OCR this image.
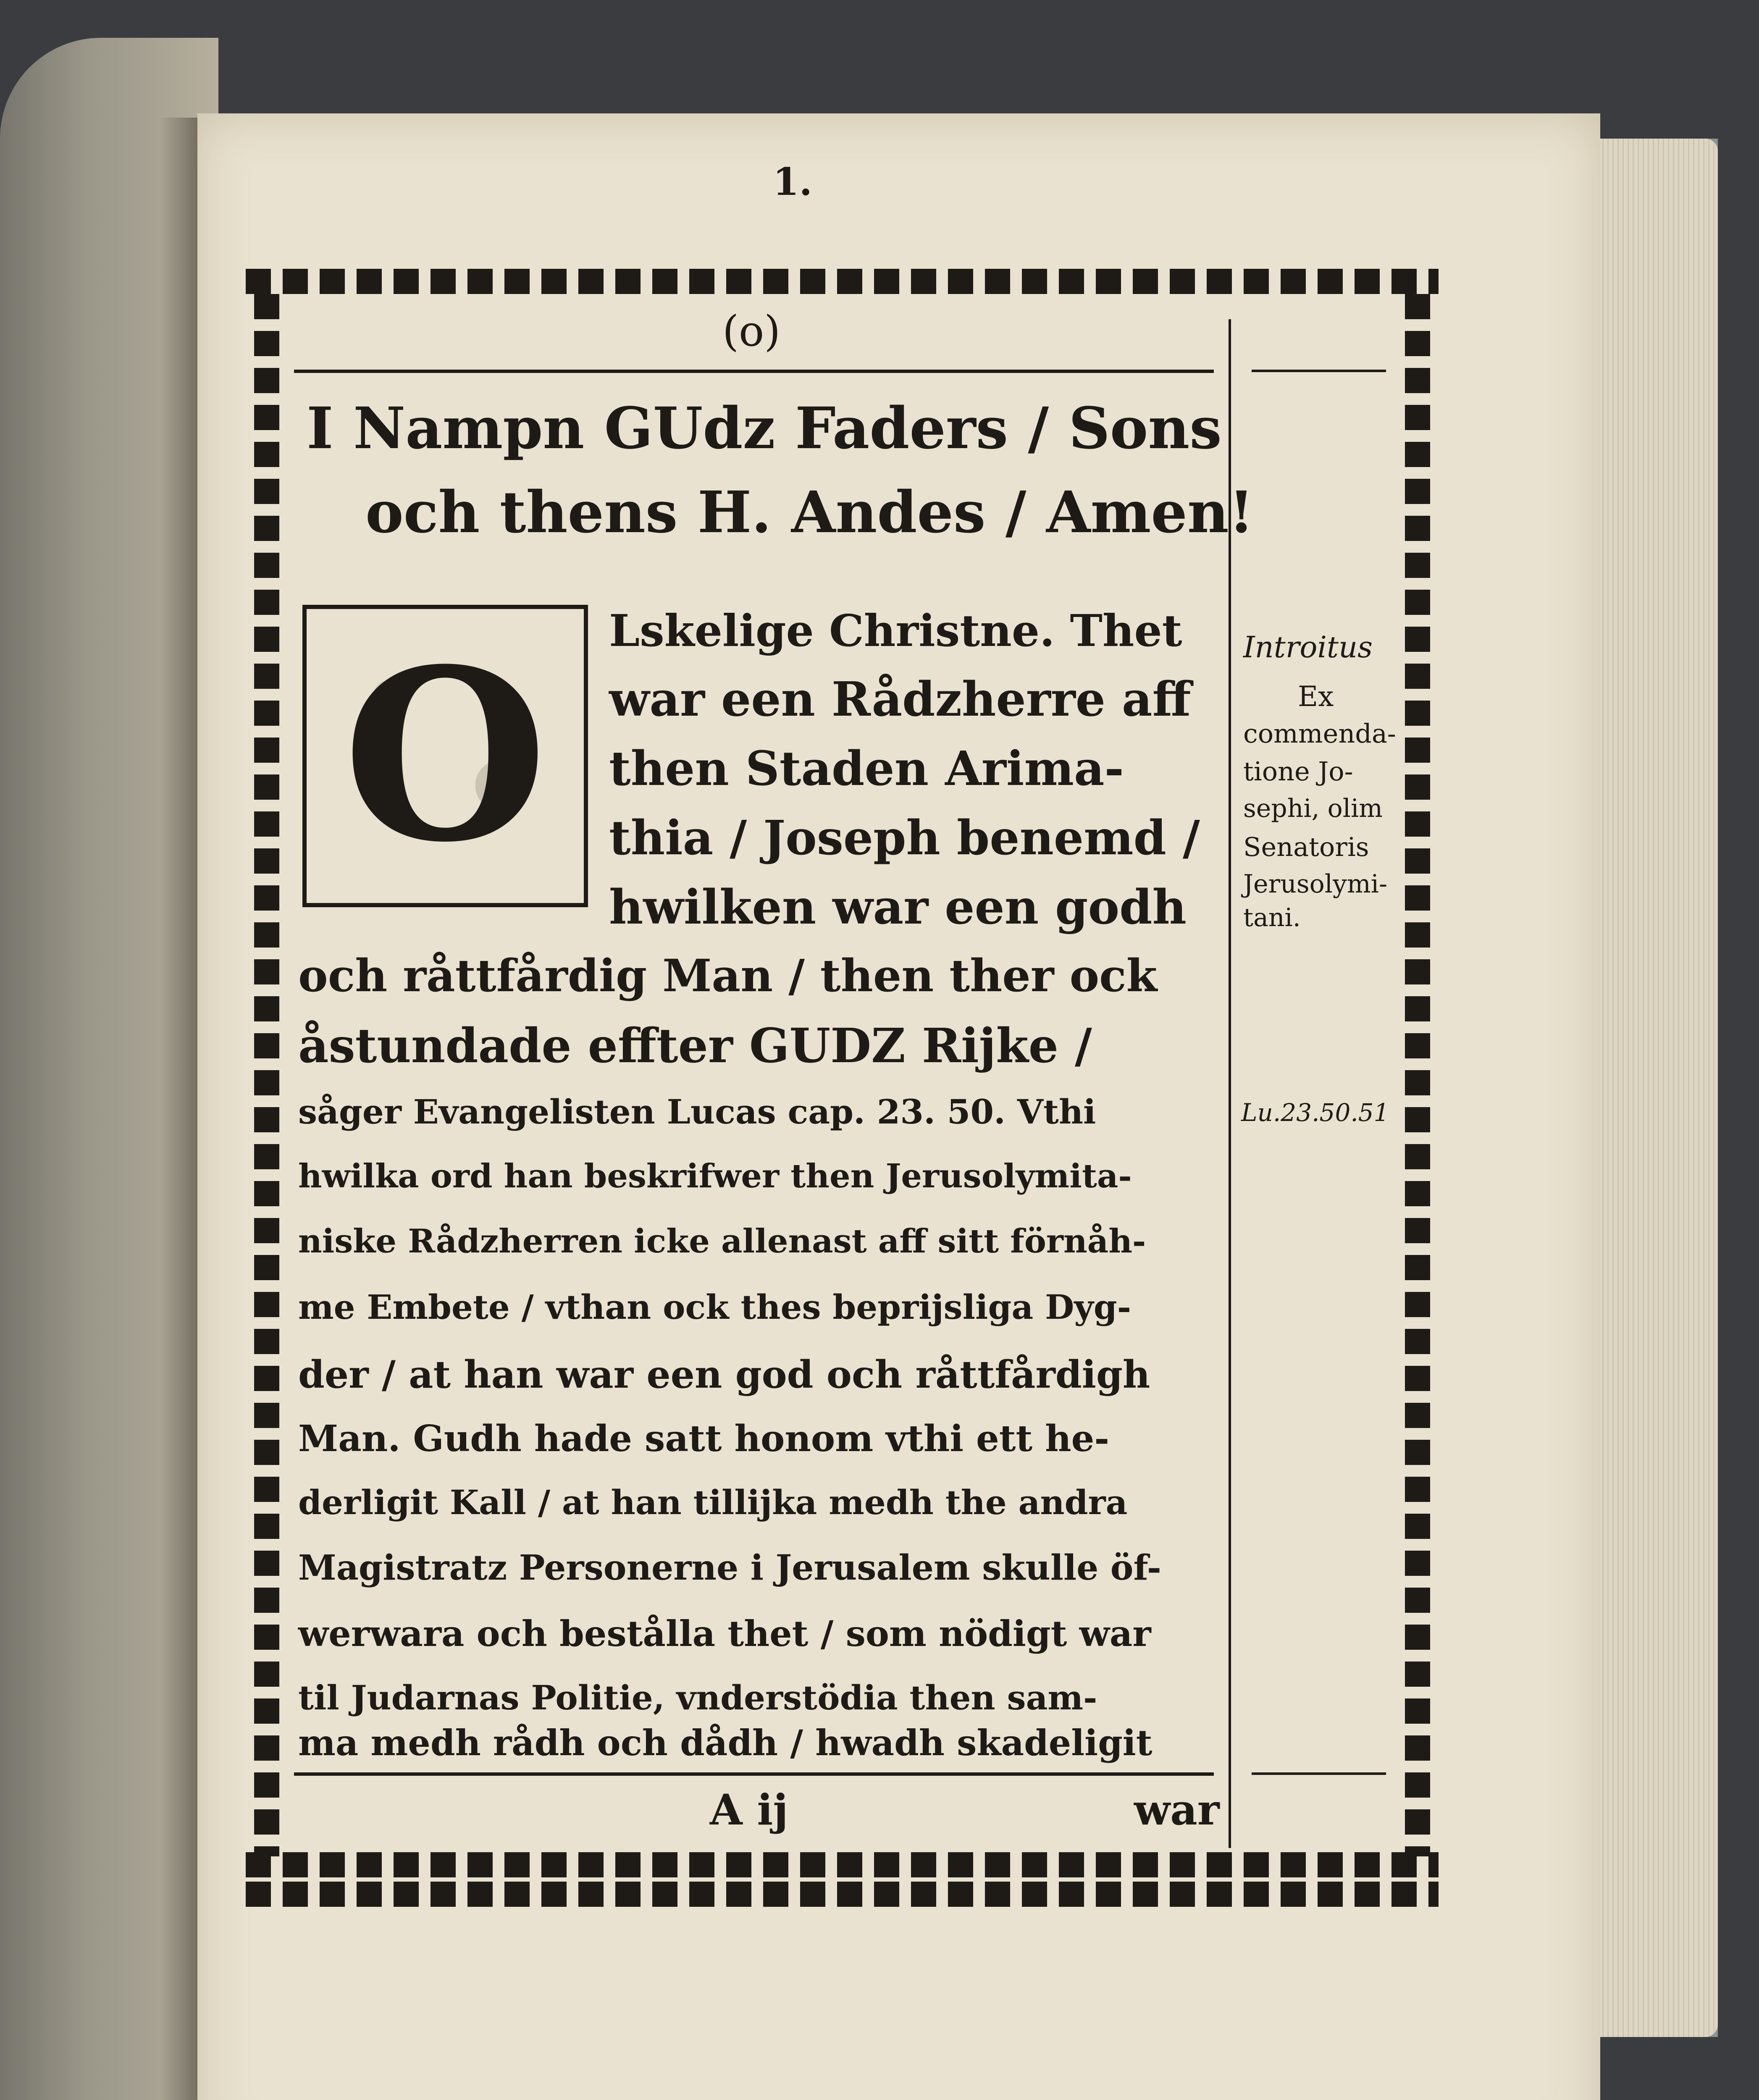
1.
(o)
I Nampn GUdz Faders / Sons
och thens H. Andes / Amen!
O	Lskelige Christne. Thet
war een Rådzherre aff
then Staden Arima-
thia / Joseph benemd /
hwilken war een godh
och råttfårdig Man / then ther ock
åstundade effter GUDZ Rijke /
såger Evangelisten Lucas cap. 23. 50. Vthi
hwilka ord han beskrifwer then Jerusolymita-
niske Rådzherren icke allenast aff sitt förnåh-
me Embete / vthan ock thes beprijsliga Dyg-
der / at han war een god och råttfårdigh
Man. Gudh hade satt honom vthi ett he-
derligit Kall / at han tillijka medh the andra
Magistratz Personerne i Jerusalem skulle öf-
werwara och bestålla thet / som nödigt war
til Judarnas Politie, vnderstödia then sam-
ma medh rådh och dådh / hwadh skadeligit
A ij	war
Introitus
Ex
commenda-
tione Jo-
sephi, olim
Senatoris
Jerusolymi-
tani.
Lu.23.50.51
